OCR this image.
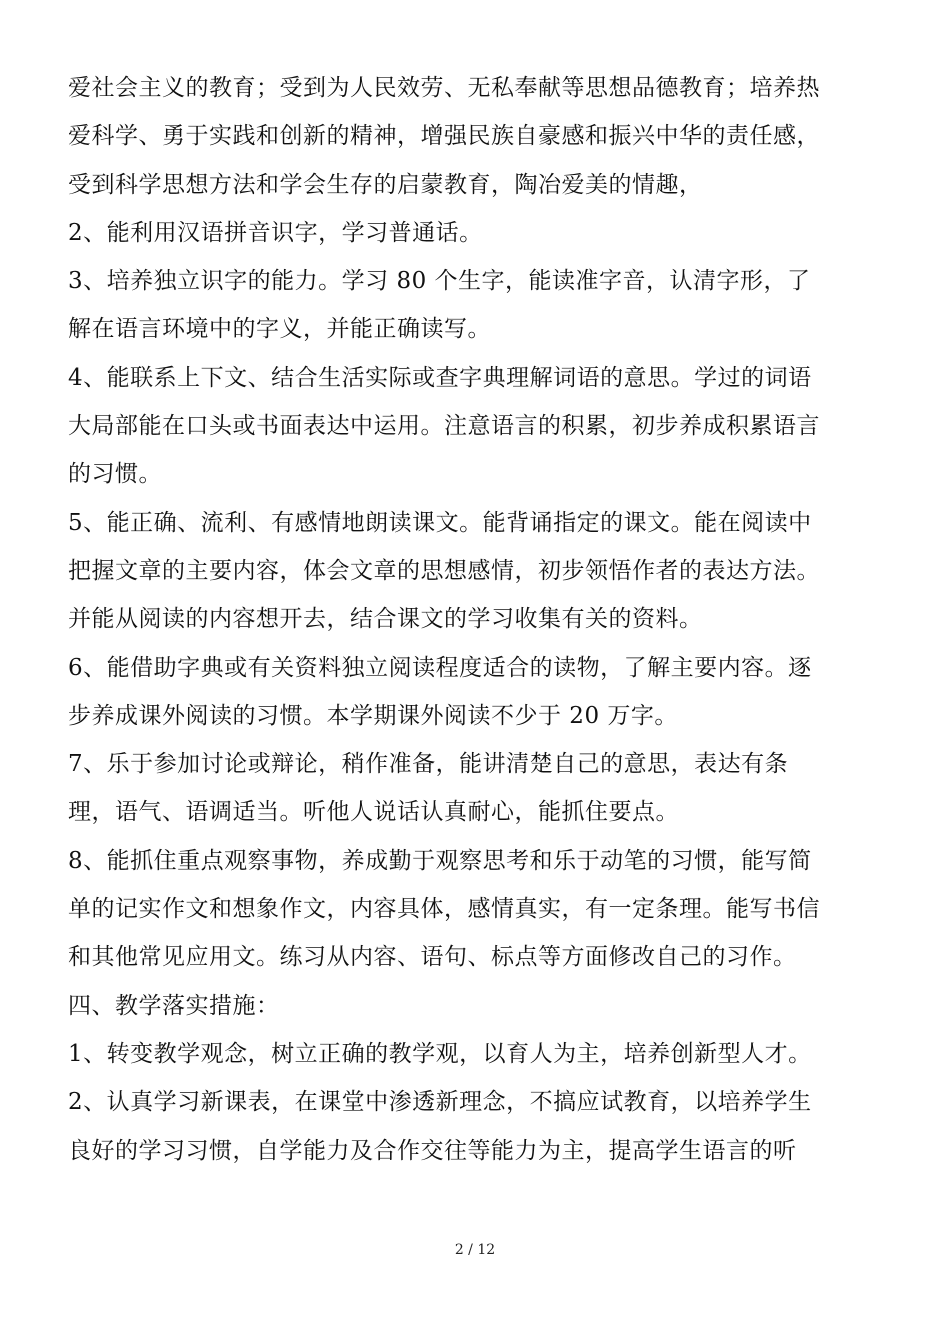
爱社会主义的教育；受到为人民效劳、无私奉献等思想品德教育；培养热
爱科学、勇于实践和创新的精神，增强民族自豪感和振兴中华的责任感，
受到科学思想方法和学会生存的启蒙教育，陶冶爱美的情趣，
2、能利用汉语拼音识字，学习普通话。
3、培养独立识字的能力。学习 80 个生字，能读准字音，认清字形，了
解在语言环境中的字义，并能正确读写。
4、能联系上下文、结合生活实际或查字典理解词语的意思。学过的词语
大局部能在口头或书面表达中运用。注意语言的积累，初步养成积累语言
的习惯。
5、能正确、流利、有感情地朗读课文。能背诵指定的课文。能在阅读中
把握文章的主要内容，体会文章的思想感情，初步领悟作者的表达方法。
并能从阅读的内容想开去，结合课文的学习收集有关的资料。
6、能借助字典或有关资料独立阅读程度适合的读物，了解主要内容。逐
步养成课外阅读的习惯。本学期课外阅读不少于 20 万字。
7、乐于参加讨论或辩论，稍作准备，能讲清楚自己的意思，表达有条
理，语气、语调适当。听他人说话认真耐心，能抓住要点。
8、能抓住重点观察事物，养成勤于观察思考和乐于动笔的习惯，能写简
单的记实作文和想象作文，内容具体，感情真实，有一定条理。能写书信
和其他常见应用文。练习从内容、语句、标点等方面修改自己的习作。
四、教学落实措施：
1、转变教学观念，树立正确的教学观，以育人为主，培养创新型人才。
2、认真学习新课表，在课堂中渗透新理念，不搞应试教育，以培养学生
良好的学习习惯，自学能力及合作交往等能力为主，提高学生语言的听
2 / 12
